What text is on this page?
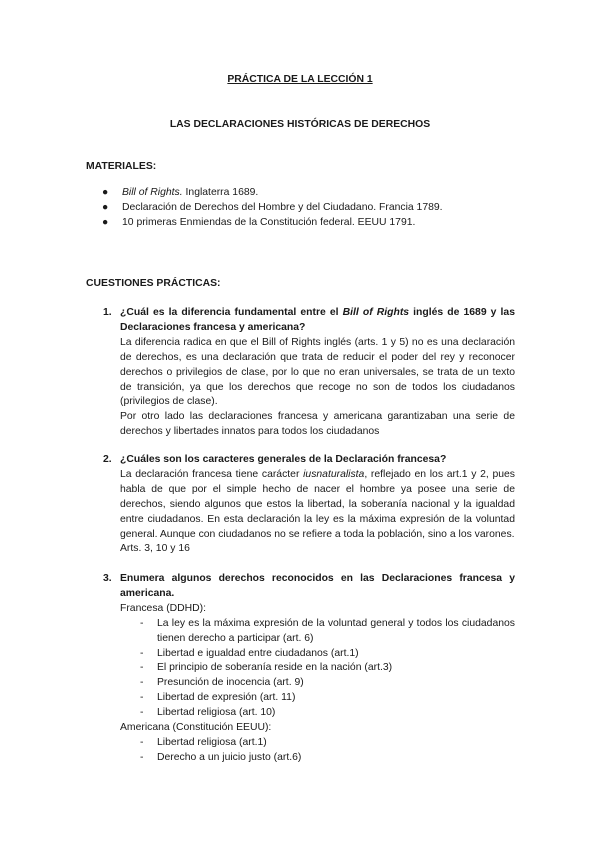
PRÁCTICA DE LA LECCIÓN 1
LAS DECLARACIONES HISTÓRICAS DE DERECHOS
MATERIALES:
● Bill of Rights. Inglaterra 1689.
● Declaración de Derechos del Hombre y del Ciudadano. Francia 1789.
● 10 primeras Enmiendas de la Constitución federal. EEUU 1791.
CUESTIONES PRÁCTICAS:
1. ¿Cuál es la diferencia fundamental entre el Bill of Rights inglés de 1689 y las Declaraciones francesa y americana?

La diferencia radica en que el Bill of Rights inglés (arts. 1 y 5) no es una declaración de derechos, es una declaración que trata de reducir el poder del rey y reconocer derechos o privilegios de clase, por lo que no eran universales, se trata de un texto de transición, ya que los derechos que recoge no son de todos los ciudadanos (privilegios de clase).

Por otro lado las declaraciones francesa y americana garantizaban una serie de derechos y libertades innatos para todos los ciudadanos

2. ¿Cuáles son los caracteres generales de la Declaración francesa?

La declaración francesa tiene carácter iusnaturalista, reflejado en los art.1 y 2, pues habla de que por el simple hecho de nacer el hombre ya posee una serie de derechos, siendo algunos que estos la libertad, la soberanía nacional y la igualdad entre ciudadanos. En esta declaración la ley es la máxima expresión de la voluntad general. Aunque con ciudadanos no se refiere a toda la población, sino a los varones.

Arts. 3, 10 y 16

3. Enumera algunos derechos reconocidos en las Declaraciones francesa y americana.
Francesa (DDHD):
- La ley es la máxima expresión de la voluntad general y todos los ciudadanos tienen derecho a participar (art. 6)
- Libertad e igualdad entre ciudadanos (art.1)
- El principio de soberanía reside en la nación (art.3)
- Presunción de inocencia (art. 9)
- Libertad de expresión (art. 11)
- Libertad religiosa (art. 10)
Americana (Constitución EEUU):
- Libertad religiosa (art.1)
- Derecho a un juicio justo (art.6)
